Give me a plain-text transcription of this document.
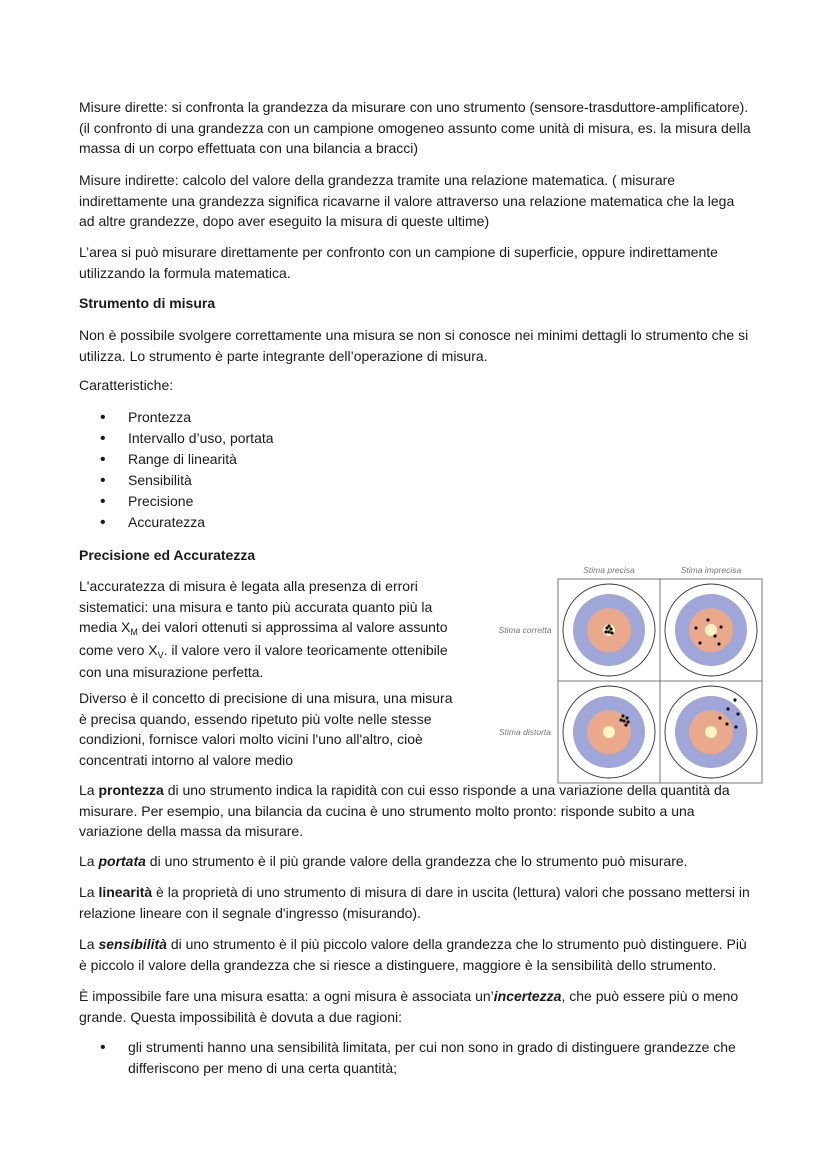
Misure dirette: si confronta la grandezza da misurare con uno strumento (sensore-trasduttore-amplificatore). (il confronto di una grandezza con un campione omogeneo assunto come unità di misura, es. la misura della massa di un corpo effettuata con una bilancia a bracci)

Misure indirette: calcolo del valore della grandezza tramite una relazione matematica. ( misurare indirettamente una grandezza significa ricavarne il valore attraverso una relazione matematica che la lega ad altre grandezze, dopo aver eseguito la misura di queste ultime)

L’area si può misurare direttamente per confronto con un campione di superficie, oppure indirettamente utilizzando la formula matematica.

Strumento di misura

Non è possibile svolgere correttamente una misura se non si conosce nei minimi dettagli lo strumento che si utilizza. Lo strumento è parte integrante dell’operazione di misura.

Caratteristiche:

• Prontezza
• Intervallo d’uso, portata
• Range di linearità
• Sensibilità
• Precisione
• Accuratezza

Precisione ed Accuratezza

L'accuratezza di misura è legata alla presenza di errori sistematici: una misura e tanto più accurata quanto più la media $X_M$ dei valori ottenuti si approssima al valore assunto come vero $X_V$. il valore vero il valore teoricamente ottenibile con una misurazione perfetta.

Diverso è il concetto di precisione di una misura, una misura è precisa quando, essendo ripetuto più volte nelle stesse condizioni, fornisce valori molto vicini l'uno all'altro, cioè concentrati intorno al valore medio

La prontezza di uno strumento indica la rapidità con cui esso risponde a una variazione della quantità da misurare. Per esempio, una bilancia da cucina è uno strumento molto pronto: risponde subito a una variazione della massa da misurare.

La portata di uno strumento è il più grande valore della grandezza che lo strumento può misurare.

La linearità è la proprietà di uno strumento di misura di dare in uscita (lettura) valori che possano mettersi in relazione lineare con il segnale d'ingresso (misurando).

La sensibilità di uno strumento è il più piccolo valore della grandezza che lo strumento può distinguere. Più è piccolo il valore della grandezza che si riesce a distinguere, maggiore è la sensibilità dello strumento.

È impossibile fare una misura esatta: a ogni misura è associata un’incertezza, che può essere più o meno grande. Questa impossibilità è dovuta a due ragioni:

• gli strumenti hanno una sensibilità limitata, per cui non sono in grado di distinguere grandezze che differiscono per meno di una certa quantità;
Stima precisa	Stima imprecisa
Stima corretta
Stima distorta
